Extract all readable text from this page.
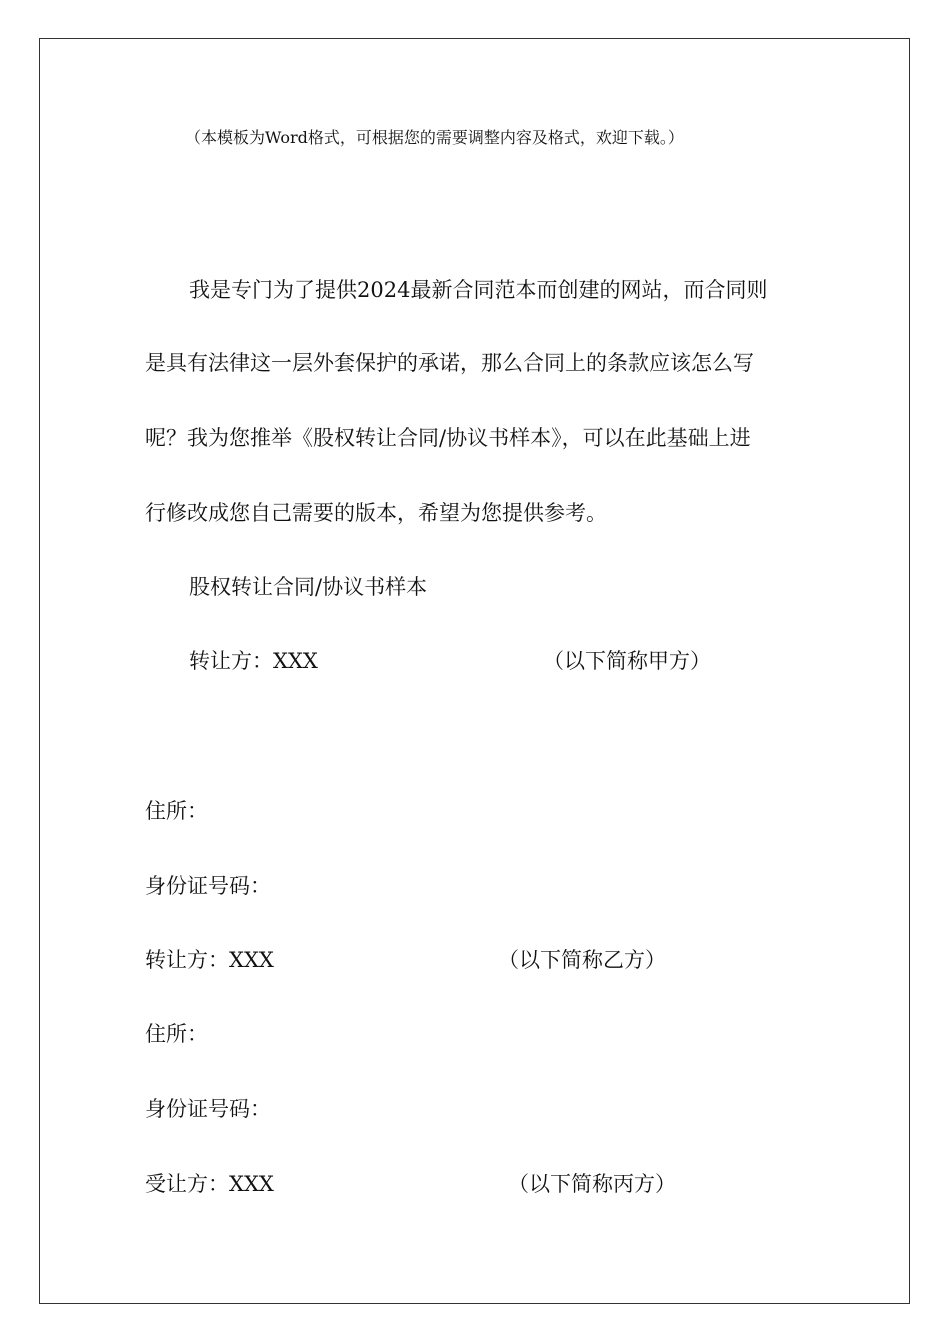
（本模板为Word格式，可根据您的需要调整内容及格式，欢迎下载。）
我是专门为了提供2024最新合同范本而创建的网站，而合同则
是具有法律这一层外套保护的承诺，那么合同上的条款应该怎么写
呢？我为您推举《股权转让合同/协议书样本》，可以在此基础上进
行修改成您自己需要的版本，希望为您提供参考。
股权转让合同/协议书样本
转让方：XXX	（以下简称甲方）
住所：
身份证号码：
转让方：XXX	（以下简称乙方）
住所：
身份证号码：
受让方：XXX	（以下简称丙方）
